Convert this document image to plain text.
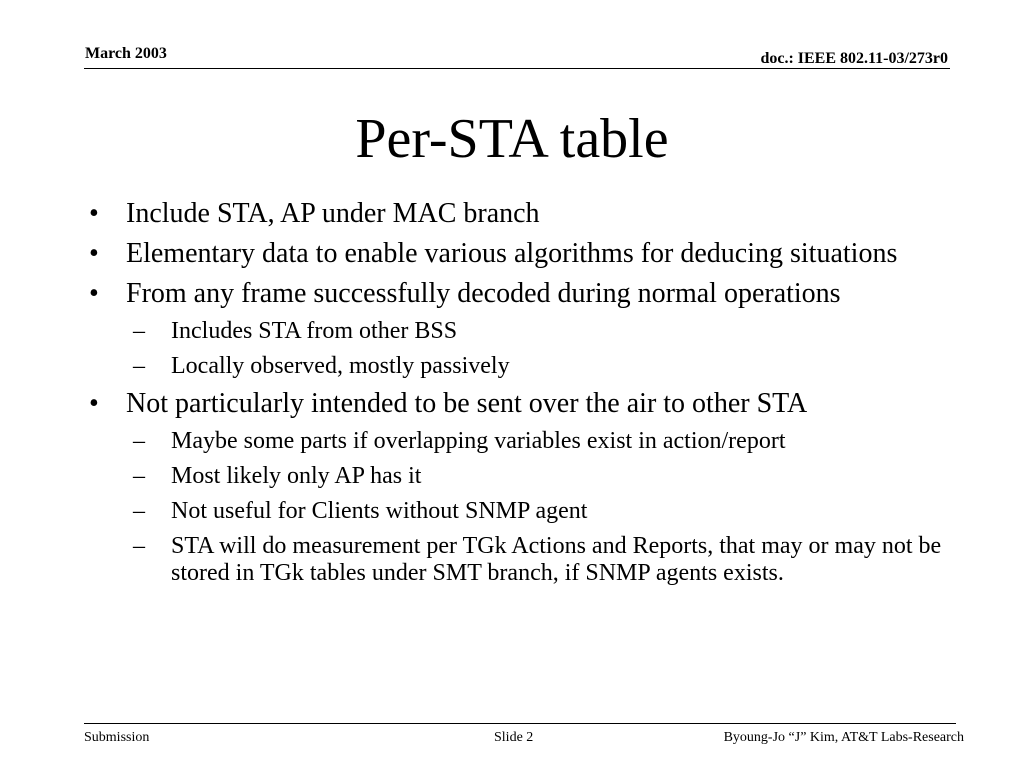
March 2003	doc.: IEEE 802.11-03/273r0
Per-STA table
• Include STA, AP under MAC branch
• Elementary data to enable various algorithms for deducing situations
• From any frame successfully decoded during normal operations
– Includes STA from other BSS
– Locally observed, mostly passively
• Not particularly intended to be sent over the air to other STA
– Maybe some parts if overlapping variables exist in action/report
– Most likely only AP has it
– Not useful for Clients without SNMP agent
– STA will do measurement per TGk Actions and Reports, that may or may not be stored in TGk tables under SMT branch, if SNMP agents exists.
Submission	Slide 2	Byoung-Jo “J” Kim, AT&T Labs-Research
